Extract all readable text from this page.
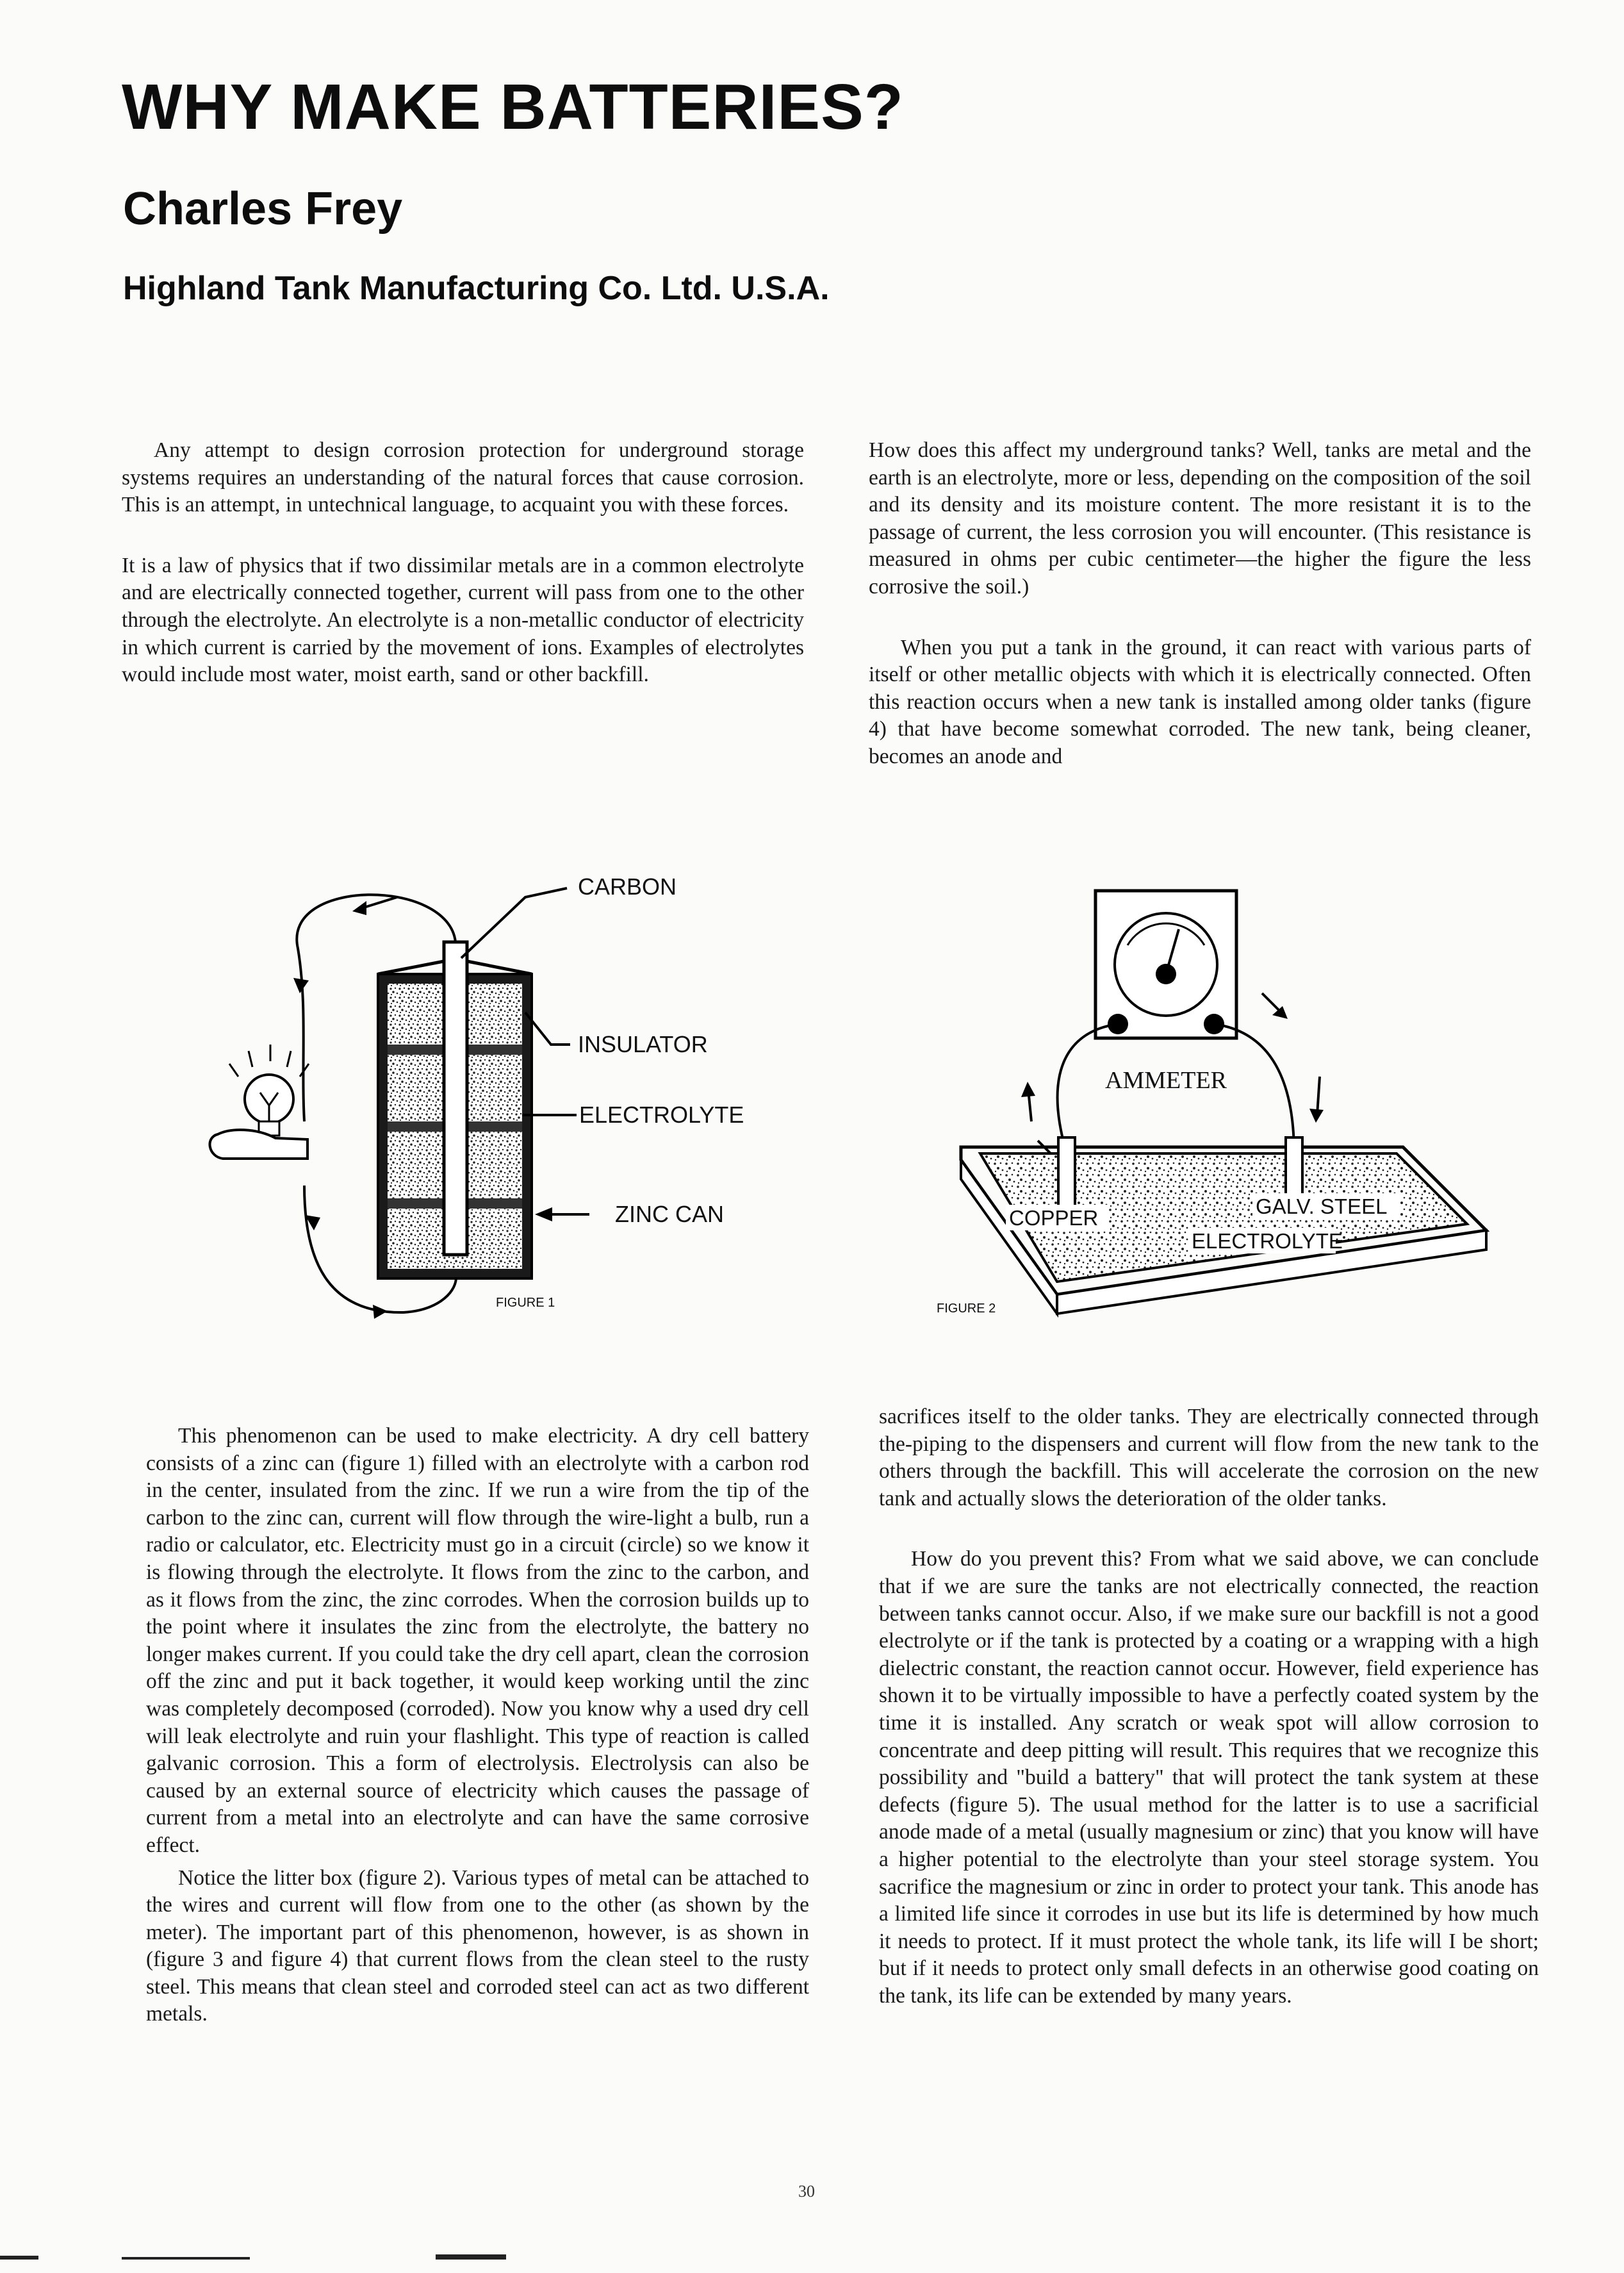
WHY MAKE BATTERIES?
Charles Frey
Highland Tank Manufacturing Co. Ltd. U.S.A.

Any attempt to design corrosion protection for underground storage systems requires an understanding of the natural forces that cause corrosion. This is an attempt, in untechnical language, to acquaint you with these forces.

It is a law of physics that if two dissimilar metals are in a common electrolyte and are electrically connected together, current will pass from one to the other through the electrolyte. An electrolyte is a non-metallic conductor of electricity in which current is carried by the movement of ions. Examples of electrolytes would include most water, moist earth, sand or other backfill.

How does this affect my underground tanks? Well, tanks are metal and the earth is an electrolyte, more or less, depending on the composition of the soil and its density and its moisture content. The more resistant it is to the passage of current, the less corrosion you will encounter. (This resistance is measured in ohms per cubic centimeter—the higher the figure the less corrosive the soil.)

When you put a tank in the ground, it can react with various parts of itself or other metallic objects with which it is electrically connected. Often this reaction occurs when a new tank is installed among older tanks (figure 4) that have become somewhat corroded. The new tank, being cleaner, becomes an anode and

CARBON
INSULATOR
ELECTROLYTE
ZINC CAN
FIGURE 1
AMMETER
COPPER	GALV. STEEL
ELECTROLYTE
FIGURE 2

This phenomenon can be used to make electricity. A dry cell battery consists of a zinc can (figure 1) filled with an electrolyte with a carbon rod in the center, insulated from the zinc. If we run a wire from the tip of the carbon to the zinc can, current will flow through the wire-light a bulb, run a radio or calculator, etc. Electricity must go in a circuit (circle) so we know it is flowing through the electrolyte. It flows from the zinc to the carbon, and as it flows from the zinc, the zinc corrodes. When the corrosion builds up to the point where it insulates the zinc from the electrolyte, the battery no longer makes current. If you could take the dry cell apart, clean the corrosion off the zinc and put it back together, it would keep working until the zinc was completely decomposed (corroded). Now you know why a used dry cell will leak electrolyte and ruin your flashlight. This type of reaction is called galvanic corrosion. This a form of electrolysis. Electrolysis can also be caused by an external source of electricity which causes the passage of current from a metal into an electrolyte and can have the same corrosive effect.

Notice the litter box (figure 2). Various types of metal can be attached to the wires and current will flow from one to the other (as shown by the meter). The important part of this phenomenon, however, is as shown in (figure 3 and figure 4) that current flows from the clean steel to the rusty steel. This means that clean steel and corroded steel can act as two different metals.

sacrifices itself to the older tanks. They are electrically connected through the-piping to the dispensers and current will flow from the new tank to the others through the backfill. This will accelerate the corrosion on the new tank and actually slows the deterioration of the older tanks.

How do you prevent this? From what we said above, we can conclude that if we are sure the tanks are not electrically connected, the reaction between tanks cannot occur. Also, if we make sure our backfill is not a good electrolyte or if the tank is protected by a coating or a wrapping with a high dielectric constant, the reaction cannot occur. However, field experience has shown it to be virtually impossible to have a perfectly coated system by the time it is installed. Any scratch or weak spot will allow corrosion to concentrate and deep pitting will result. This requires that we recognize this possibility and "build a battery" that will protect the tank system at these defects (figure 5). The usual method for the latter is to use a sacrificial anode made of a metal (usually magnesium or zinc) that you know will have a higher potential to the electrolyte than your steel storage system. You sacrifice the magnesium or zinc in order to protect your tank. This anode has a limited life since it corrodes in use but its life is determined by how much it needs to protect. If it must protect the whole tank, its life will I be short; but if it needs to protect only small defects in an otherwise good coating on the tank, its life can be extended by many years.

30
